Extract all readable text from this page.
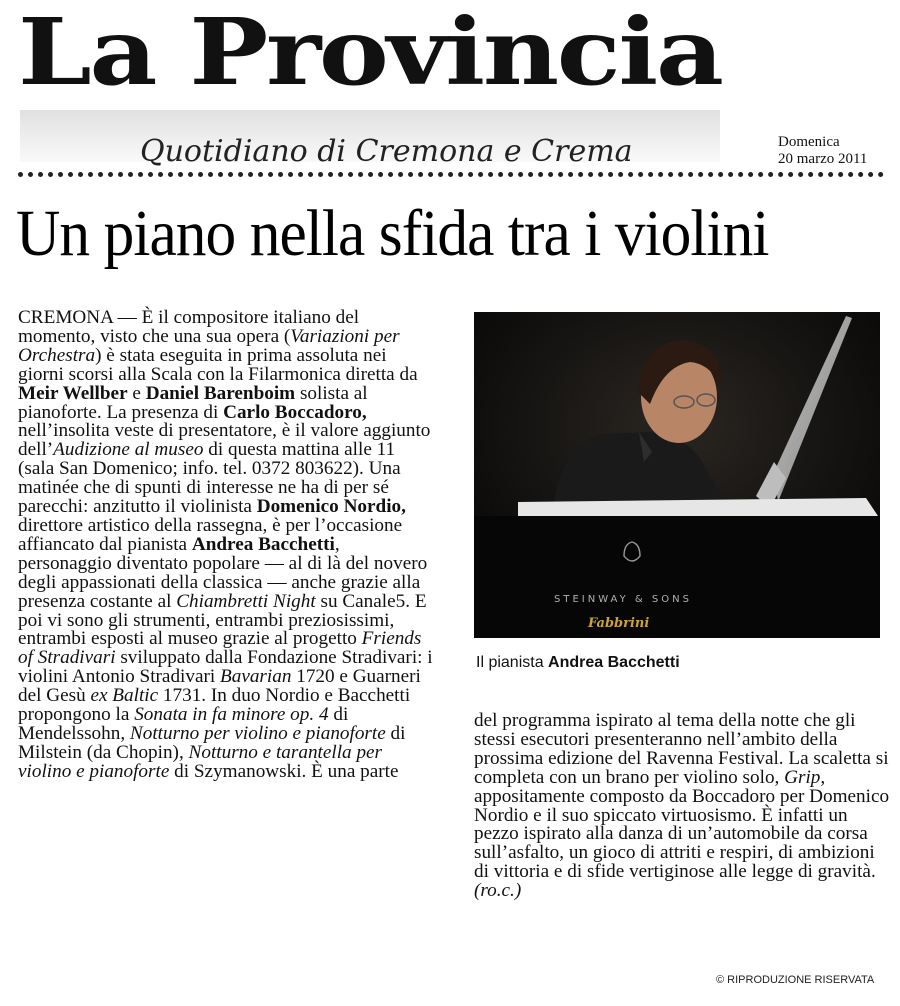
La Provincia
Quotidiano di Cremona e Crema	Domenica
20 marzo 2011
Un piano nella sfida tra i violini
CREMONA — È il compositore italiano del momento, visto che una sua opera (Variazioni per Orchestra) è stata eseguita in prima assoluta nei giorni scorsi alla Scala con la Filarmonica diretta da Meir Wellber e Daniel Barenboim solista al pianoforte. La presenza di Carlo Boccadoro, nell’insolita veste di presentatore, è il valore aggiunto dell’Audizione al museo di questa mattina alle 11 (sala San Domenico; info. tel. 0372 803622). Una matinée che di spunti di interesse ne ha di per sé parecchi: anzitutto il violinista Domenico Nordio, direttore artistico della rassegna, è per l’occasione affiancato dal pianista Andrea Bacchetti, personaggio diventato popolare — al di là del novero degli appassionati della classica — anche grazie alla presenza costante al Chiambretti Night su Canale5. E poi vi sono gli strumenti, entrambi preziosissimi, entrambi esposti al museo grazie al progetto Friends of Stradivari sviluppato dalla Fondazione Stradivari: i violini Antonio Stradivari Bavarian 1720 e Guarneri del Gesù ex Baltic 1731. In duo Nordio e Bacchetti propongono la Sonata in fa minore op. 4 di Mendelssohn, Notturno per violino e pianoforte di Milstein (da Chopin), Notturno e tarantella per violino e pianoforte di Szymanowski. È una parte
STEINWAY & SONS
Fabbrini
Il pianista Andrea Bacchetti
del programma ispirato al tema della notte che gli stessi esecutori presenteranno nell’ambito della prossima edizione del Ravenna Festival. La scaletta si completa con un brano per violino solo, Grip, appositamente composto da Boccadoro per Domenico Nordio e il suo spiccato virtuosismo. È infatti un pezzo ispirato alla danza di un’automobile da corsa sull’asfalto, un gioco di attriti e respiri, di ambizioni di vittoria e di sfide vertiginose alle legge di gravità. (ro.c.)
© RIPRODUZIONE RISERVATA
